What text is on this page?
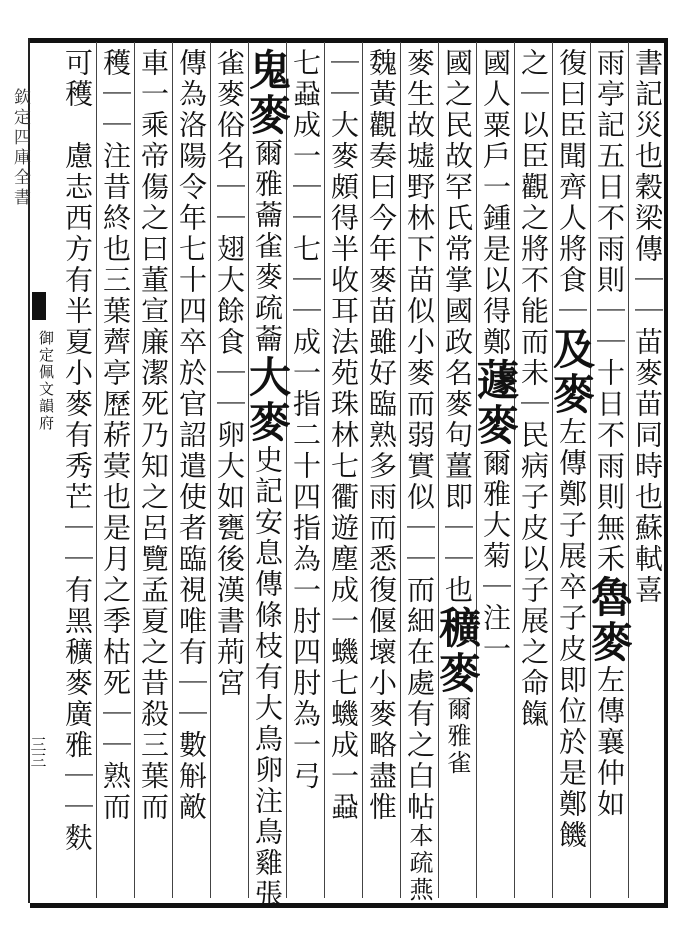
欽定四庫全書
御定佩文韻府
三三
書記災也穀梁傳｜｜苗麥苗同時也蘇軾喜
雨亭記五日不雨則｜｜十日不雨則無禾魯麥左傳襄仲如
復曰臣聞齊人將食｜及麥左傳鄭子展卒子皮即位於是鄭饑
之｜以臣觀之將不能而未｜民病子皮以子展之命餼
國人粟戶一鍾是以得鄭蘧麥爾雅大菊｜注一
國之民故罕氏常掌國政名麥句薑即｜｜也穬麥爾雅雀
麥生故墟野林下苗似小麥而弱實似｜｜而細在處有之白帖本疏燕
魏黃觀奏曰今年麥苗雖好臨熟多雨而悉復偃壞小麥略盡惟
｜｜大麥頗得半收耳法苑珠林七衢遊塵成一蟣七蟣成一蝨
七蝨成一｜｜七｜｜成一指二十四指為一肘四肘為一弓
鬼麥爾雅蘥雀麥疏蘥大麥史記安息傳條枝有大鳥卵注鳥雞張
雀麥俗名｜｜翅大餘食｜｜卵大如甕後漢書荊宮
傳為洛陽令年七十四卒於官詔遣使者臨視唯有｜｜數斛敵
車一乘帝傷之曰董宣廉潔死乃知之呂覽孟夏之昔殺三葉而
穫｜｜注昔終也三葉薺亭歷菥蓂也是月之季枯死｜｜熟而
可穫　慮志西方有半夏小麥有秀芒｜｜有黑穬麥廣雅｜｜麩
